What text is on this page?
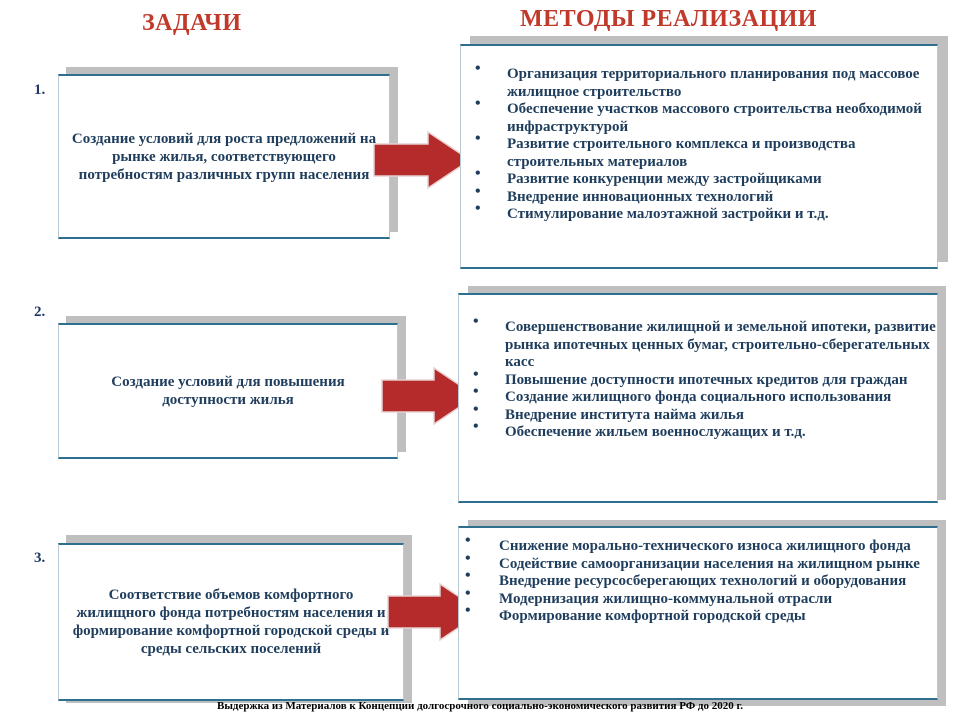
ЗАДАЧИ	МЕТОДЫ РЕАЛИЗАЦИИ
1.
Создание условий для роста предложений на рынке жилья, соответствующего потребностям различных групп населения
• Организация территориального планирования под массовое жилищное строительство
• Обеспечение участков массового строительства необходимой инфраструктурой
• Развитие строительного комплекса и производства строительных материалов
• Развитие конкуренции между застройщиками
• Внедрение инновационных технологий
• Стимулирование малоэтажной застройки и т.д.
2.
Создание условий для повышения доступности жилья
• Совершенствование жилищной и земельной ипотеки, развитие рынка ипотечных ценных бумаг, строительно-сберегательных касс
• Повышение доступности ипотечных кредитов для граждан
• Создание жилищного фонда социального использования
• Внедрение института найма жилья
• Обеспечение жильем военнослужащих и т.д.
3.
Соответствие объемов комфортного жилищного фонда потребностям населения и формирование комфортной городской среды и среды сельских поселений
• Снижение морально-технического износа жилищного фонда
• Содействие самоорганизации населения на жилищном рынке
• Внедрение ресурсосберегающих технологий и оборудования
• Модернизация жилищно-коммунальной отрасли
• Формирование комфортной городской среды
Выдержка из Материалов к Концепции долгосрочного социально-экономического развития РФ до 2020 г.
